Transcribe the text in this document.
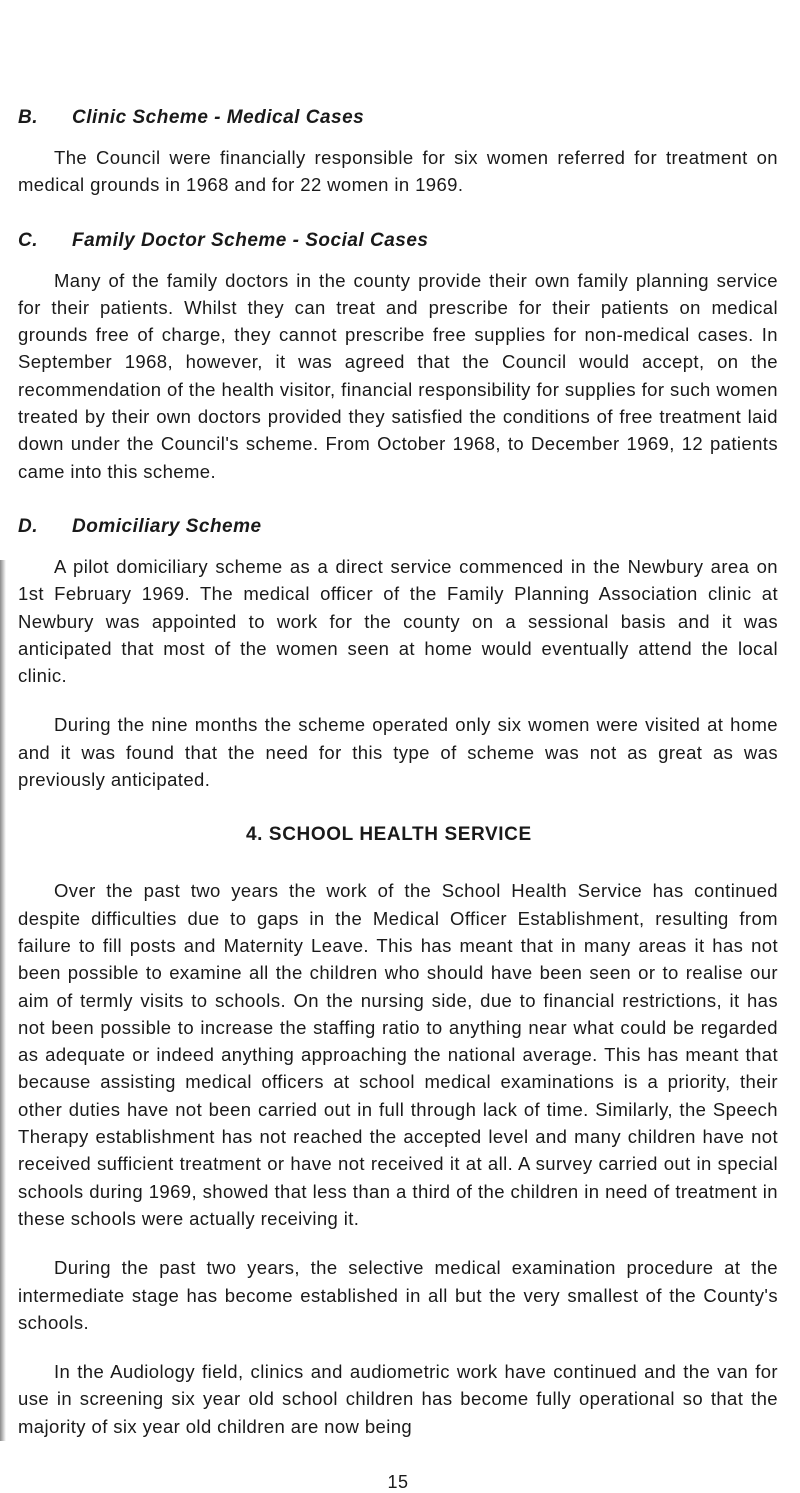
B. Clinic Scheme - Medical Cases

The Council were financially responsible for six women referred for treatment on medical grounds in 1968 and for 22 women in 1969.

C. Family Doctor Scheme - Social Cases

Many of the family doctors in the county provide their own family planning service for their patients. Whilst they can treat and prescribe for their patients on medical grounds free of charge, they cannot prescribe free supplies for non-medical cases. In September 1968, however, it was agreed that the Council would accept, on the recommendation of the health visitor, financial responsibility for supplies for such women treated by their own doctors provided they satisfied the conditions of free treatment laid down under the Council's scheme. From October 1968, to December 1969, 12 patients came into this scheme.

D. Domiciliary Scheme

A pilot domiciliary scheme as a direct service commenced in the Newbury area on 1st February 1969. The medical officer of the Family Planning Association clinic at Newbury was appointed to work for the county on a sessional basis and it was anticipated that most of the women seen at home would eventually attend the local clinic.

During the nine months the scheme operated only six women were visited at home and it was found that the need for this type of scheme was not as great as was previously anticipated.

4. SCHOOL HEALTH SERVICE

Over the past two years the work of the School Health Service has continued despite difficulties due to gaps in the Medical Officer Establishment, resulting from failure to fill posts and Maternity Leave. This has meant that in many areas it has not been possible to examine all the children who should have been seen or to realise our aim of termly visits to schools. On the nursing side, due to financial restrictions, it has not been possible to increase the staffing ratio to anything near what could be regarded as adequate or indeed anything approaching the national average. This has meant that because assisting medical officers at school medical examinations is a priority, their other duties have not been carried out in full through lack of time. Similarly, the Speech Therapy establishment has not reached the accepted level and many children have not received sufficient treatment or have not received it at all. A survey carried out in special schools during 1969, showed that less than a third of the children in need of treatment in these schools were actually receiving it.

During the past two years, the selective medical examination procedure at the intermediate stage has become established in all but the very smallest of the County's schools.

In the Audiology field, clinics and audiometric work have continued and the van for use in screening six year old school children has become fully operational so that the majority of six year old children are now being

15
